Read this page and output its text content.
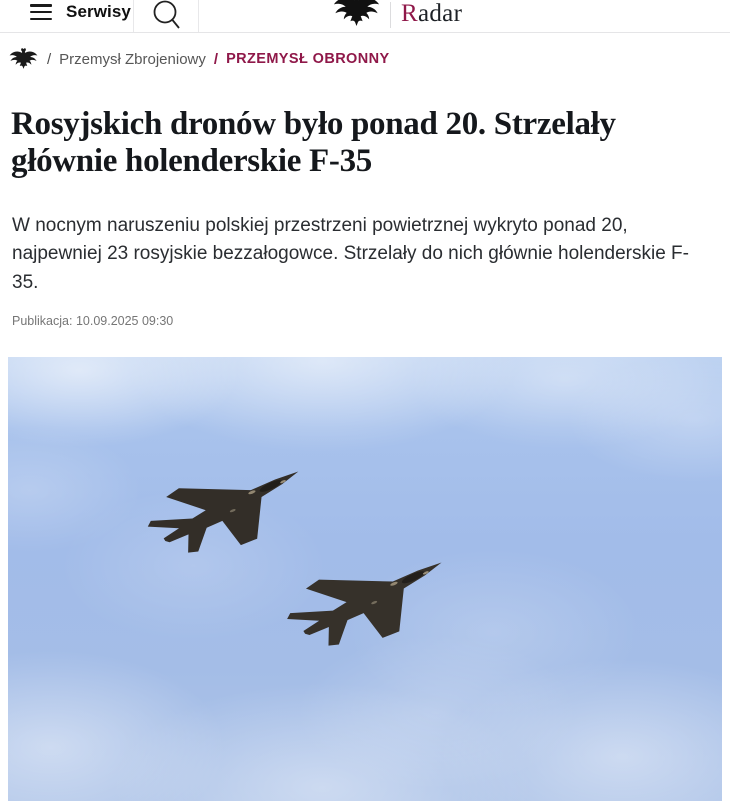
Serwisy	Radar
/ Przemysł Zbrojeniowy / PRZEMYSŁ OBRONNY
Rosyjskich dronów było ponad 20. Strzelały głównie holenderskie F-35

W nocnym naruszeniu polskiej przestrzeni powietrznej wykryto ponad 20, najpewniej 23 rosyjskie bezzałogowce. Strzelały do nich głównie holenderskie F-35.

Publikacja: 10.09.2025 09:30
